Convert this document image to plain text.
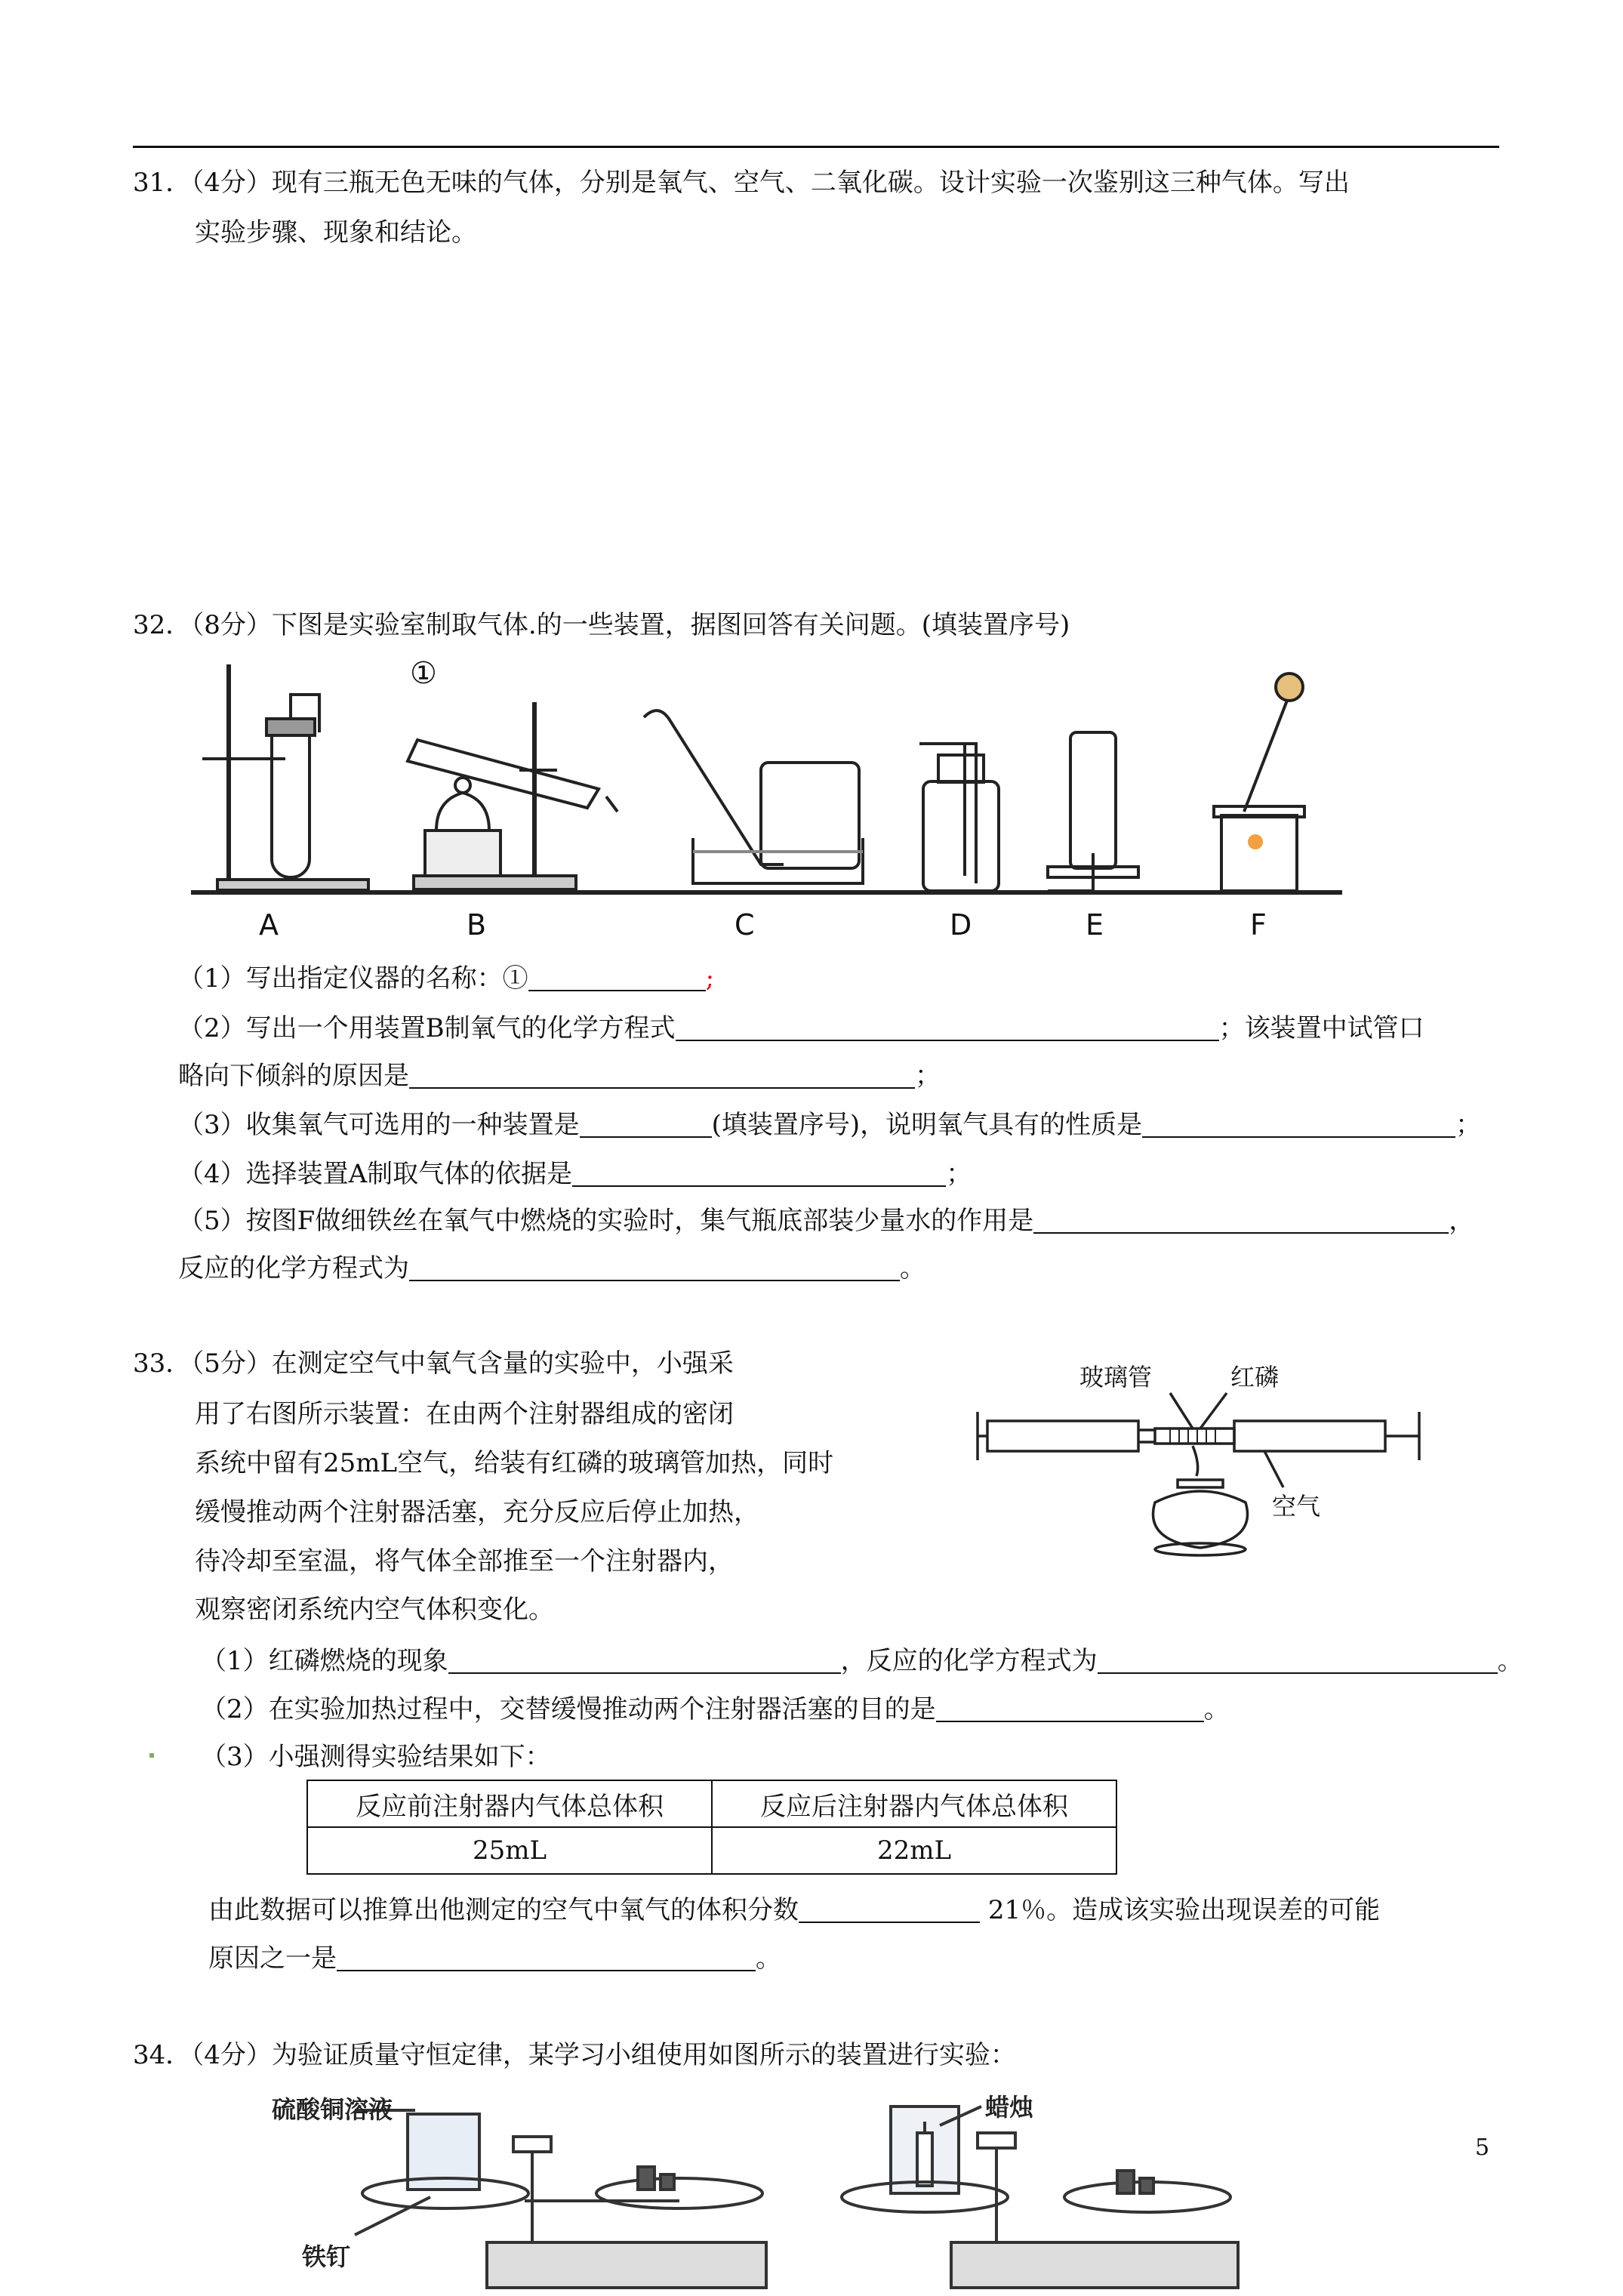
31．（4分）现有三瓶无色无味的气体，分别是氧气、空气、二氧化碳。设计实验一次鉴别这三种气体。写出
实验步骤、现象和结论。
32．（8分）下图是实验室制取气体.的一些装置，据图回答有关问题。(填装置序号)
①
A	B	C	D	E	F
（1）写出指定仪器的名称：①	;
（2）写出一个用装置B制氧气的化学方程式	；该装置中试管口
略向下倾斜的原因是	；
（3）收集氧气可选用的一种装置是	(填装置序号)，说明氧气具有的性质是	；
（4）选择装置A制取气体的依据是	；
（5）按图F做细铁丝在氧气中燃烧的实验时，集气瓶底部装少量水的作用是	，
反应的化学方程式为	。
33．（5分）在测定空气中氧气含量的实验中，小强采
用了右图所示装置：在由两个注射器组成的密闭
系统中留有25mL空气，给装有红磷的玻璃管加热，同时
缓慢推动两个注射器活塞，充分反应后停止加热，
待冷却至室温，将气体全部推至一个注射器内，
观察密闭系统内空气体积变化。
玻璃管	红磷
空气
（1）红磷燃烧的现象	，反应的化学方程式为	。
（2）在实验加热过程中，交替缓慢推动两个注射器活塞的目的是	。
（3）小强测得实验结果如下：
反应前注射器内气体总体积	反应后注射器内气体总体积
25mL	22mL
由此数据可以推算出他测定的空气中氧气的体积分数	21％。造成该实验出现误差的可能
原因之一是	。
34．（4分）为验证质量守恒定律，某学习小组使用如图所示的装置进行实验：
硫酸铜溶液
铁钉
蜡烛
5
